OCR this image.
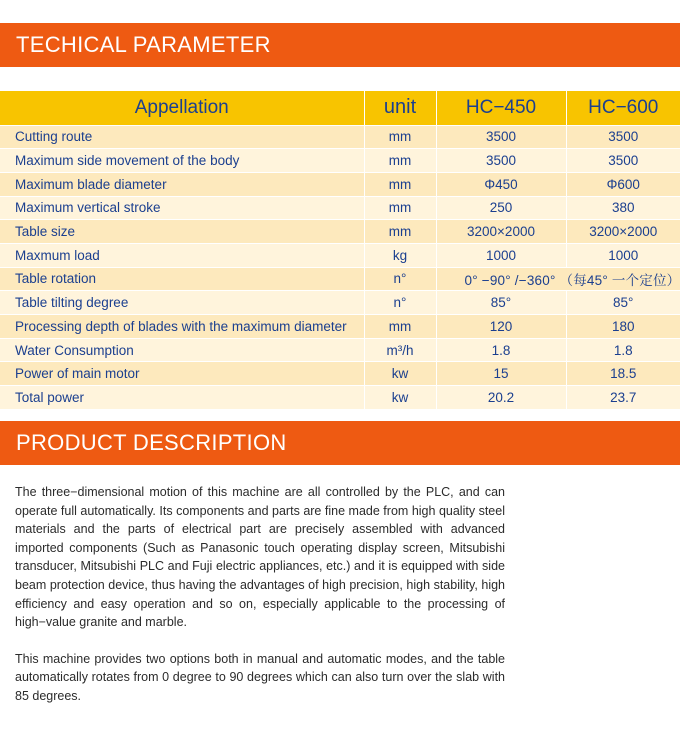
TECHICAL PARAMETER
Appellation	unit	HC−450	HC−600
Cutting route	mm	3500	3500
Maximum side movement of the body	mm	3500	3500
Maximum blade diameter	mm	Φ450	Φ600
Maximum vertical stroke	mm	250	380
Table size	mm	3200×2000	3200×2000
Maxmum load	kg	1000	1000
Table rotation	n°	0° −90° /−360° （每45° 一个定位）	
Table tilting degree	n°	85°	85°
Processing depth of blades with the maximum diameter	mm	120	180
Water Consumption	m³/h	1.8	1.8
Power of main motor	kw	15	18.5
Total power	kw	20.2	23.7
PRODUCT DESCRIPTION

The three−dimensional motion of this machine are all controlled by the PLC, and can operate full automatically. Its components and parts are fine made from high quality steel materials and the parts of electrical part are precisely assembled with advanced imported components (Such as Panasonic touch operating display screen, Mitsubishi transducer, Mitsubishi PLC and Fuji electric appliances, etc.) and it is equipped with side beam protection device, thus having the advantages of high precision, high stability, high efficiency and easy operation and so on, especially applicable to the processing of high−value granite and marble.

This machine provides two options both in manual and automatic modes, and the table automatically rotates from 0 degree to 90 degrees which can also turn over the slab with 85 degrees.
